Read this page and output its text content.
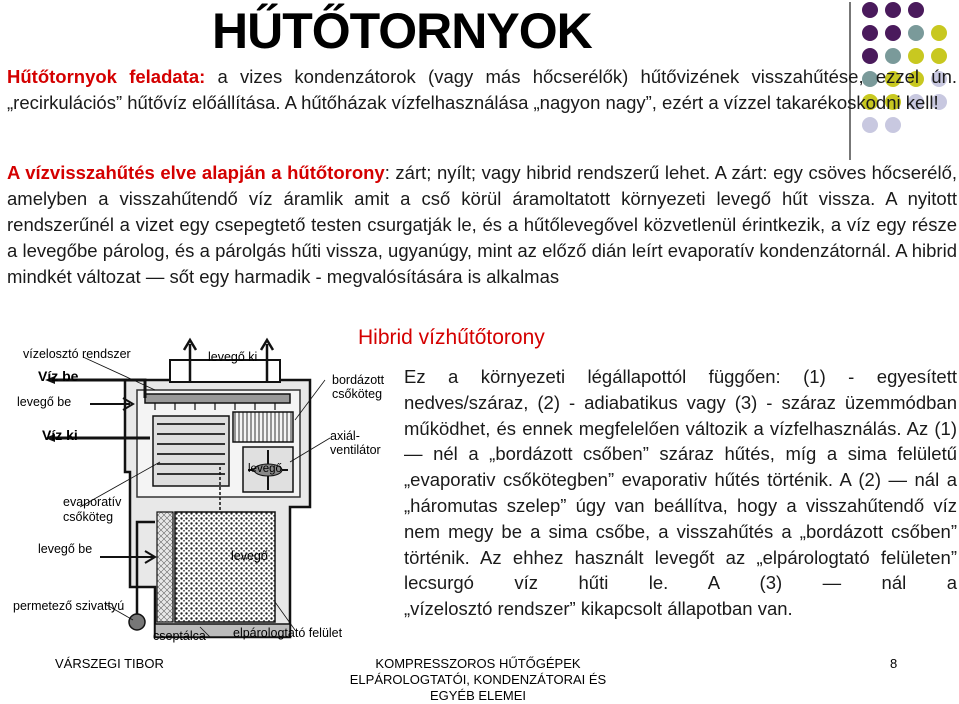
HŰTŐTORNYOK

Hűtőtornyok feladata: a vizes kondenzátorok (vagy más hőcserélők) hűtővizének visszahűtése, ezzel ún. „recirkulációs” hűtővíz előállítása. A hűtőházak vízfelhasználása „nagyon nagy”, ezért a vízzel takarékoskodni kell!

A vízvisszahűtés elve alapján a hűtőtorony: zárt; nyílt; vagy hibrid rendszerű lehet. A zárt: egy csöves hőcserélő, amelyben a visszahűtendő víz áramlik amit a cső körül áramoltatott környezeti levegő hűt vissza. A nyitott rendszerűnél a vizet egy csepegtető testen csurgatják le, és a hűtőlevegővel közvetlenül érintkezik, a víz egy része a levegőbe párolog, és a párolgás hűti vissza, ugyanúgy, mint az előző dián leírt evaporatív kondenzátornál. A hibrid mindkét változat ― sőt egy harmadik - megvalósítására is alkalmas

vízelosztó rendszer
Víz be
levegő be
Víz ki
levegő ki
bordázott
csőköteg
axiál-
ventilátor
levegő
evaporatív
csőköteg
levegő be	levegő
permetező szivattyú
cseptálca elpárologtató felület
Hibrid vízhűtőtorony

Ez a környezeti légállapottól függően: (1) - egyesített nedves/száraz, (2) - adiabatikus vagy (3) - száraz üzemmódban működhet, és ennek megfelelően változik a vízfelhasználás. Az (1) ― nél a „bordázott csőben” száraz hűtés, míg a sima felületű „evaporativ csőkötegben” evaporativ hűtés történik. A (2) ― nál a „háromutas szelep” úgy van beállítva, hogy a visszahűtendő víz nem megy be a sima csőbe, a visszahűtés a „bordázott csőben” történik. Az ehhez használt levegőt az „elpárologtató felületen” lecsurgó víz hűti le. A (3) ― nál a „vízelosztó rendszer” kikapcsolt állapotban van.

VÁRSZEGI TIBOR	KOMPRESSZOROS HŰTŐGÉPEK
ELPÁROLOGTATÓI, KONDENZÁTORAI ÉS
EGYÉB ELEMEI
8
